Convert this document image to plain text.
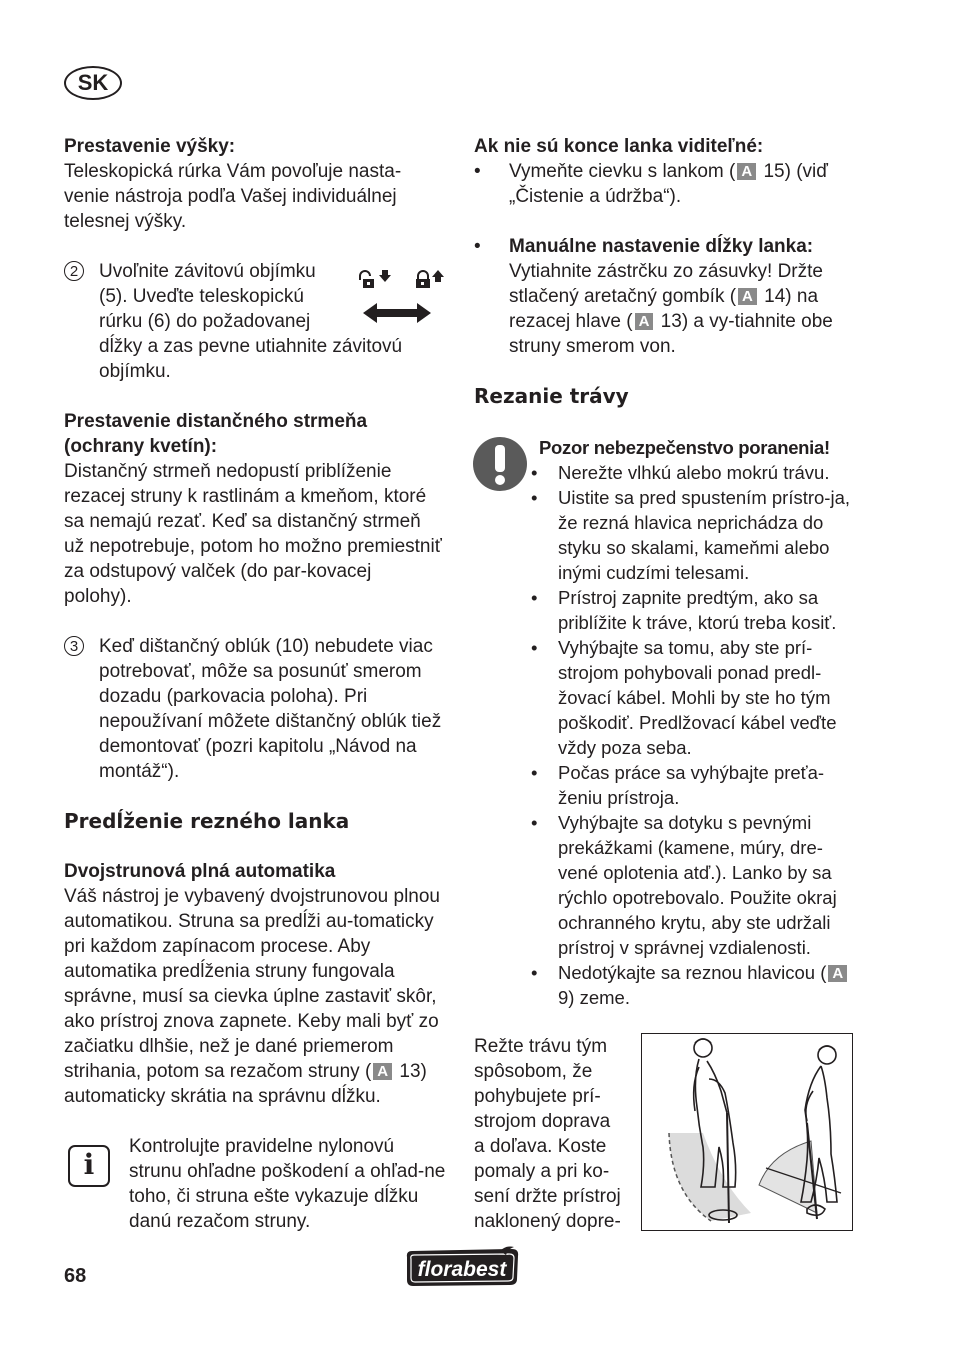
SK

Prestavenie výšky:

Teleskopická rúrka Vám povoľuje nasta-venie nástroja podľa Vašej individuálnej telesnej výšky.

2	Uvoľnite závitovú objímku

(5). Uveďte teleskopickú

rúrku (6) do požadovanej

dĺžky a zas pevne utiahnite závitovú

objímku.

Prestavenie distančného strmeňa

(ochrany kvetín):

Distančný strmeň nedopustí priblíženie rezacej struny k rastlinám a kmeňom, ktoré sa nemajú rezať. Keď sa distančný strmeň už nepotrebuje, potom ho možno premiestniť za odstupový valček (do par-kovacej polohy).

3	Keď dištančný oblúk (10) nebudete viac potrebovať, môže sa posunúť smerom dozadu (parkovacia poloha). Pri nepoužívaní môžete dištančný oblúk tiež demontovať (pozri kapitolu „Návod na montáž“).

Predĺženie rezného lanka

Dvojstrunová plná automatika

Váš nástroj je vybavený dvojstrunovou plnou automatikou. Struna sa predĺži au-tomaticky pri každom zapínacom procese. Aby automatika predĺženia struny fungovala správne, musí sa cievka úplne zastaviť skôr, ako prístroj znova zapnete. Keby mali byť zo začiatku dlhšie, než je dané priemerom strihania, potom sa rezačom struny ( A 13) automaticky skrátia na správnu dĺžku.

i
Kontrolujte pravidelne nylonovú strunu ohľadne poškodení a ohľad-ne toho, či struna ešte vykazuje dĺžku danú rezačom struny.

Ak nie sú konce lanka viditeľné:

• Vymeňte cievku s lankom ( A 15) (viď „Čistenie a údržba“).
• Manuálne nastavenie dĺžky lanka:

Vytiahnite zástrčku zo zásuvky! Držte stlačený aretačný gombík ( A 14) na rezacej hlave ( A 13) a vy-tiahnite obe struny smerom von.

Rezanie trávy

Pozor nebezpečenstvo poranenia!

• Nerežte vlhkú alebo mokrú trávu.
• Uistite sa pred spustením prístro-ja, že rezná hlavica neprichádza do styku so skalami, kameňmi alebo inými cudzími telesami.
• Prístroj zapnite predtým, ako sa priblížite k tráve, ktorú treba kosiť.
• Vyhýbajte sa tomu, aby ste prí-strojom pohybovali ponad predl-žovací kábel. Mohli by ste ho tým poškodiť. Predlžovací kábel veďte vždy poza seba.
• Počas práce sa vyhýbajte preťa-ženiu prístroja.
• Vyhýbajte sa dotyku s pevnými prekážkami (kamene, múry, dre-vené oplotenia atď.). Lanko by sa rýchlo opotrebovalo. Použite okraj ochranného krytu, aby ste udržali prístroj v správnej vzdialenosti.
• Nedotýkajte sa reznou hlavicou ( A 9) zeme.

Režte trávu tým

spôsobom, že

pohybujete prí-

strojom doprava

a doľava. Koste

pomaly a pri ko-

sení držte prístroj

naklonený dopre-

68	florabest
